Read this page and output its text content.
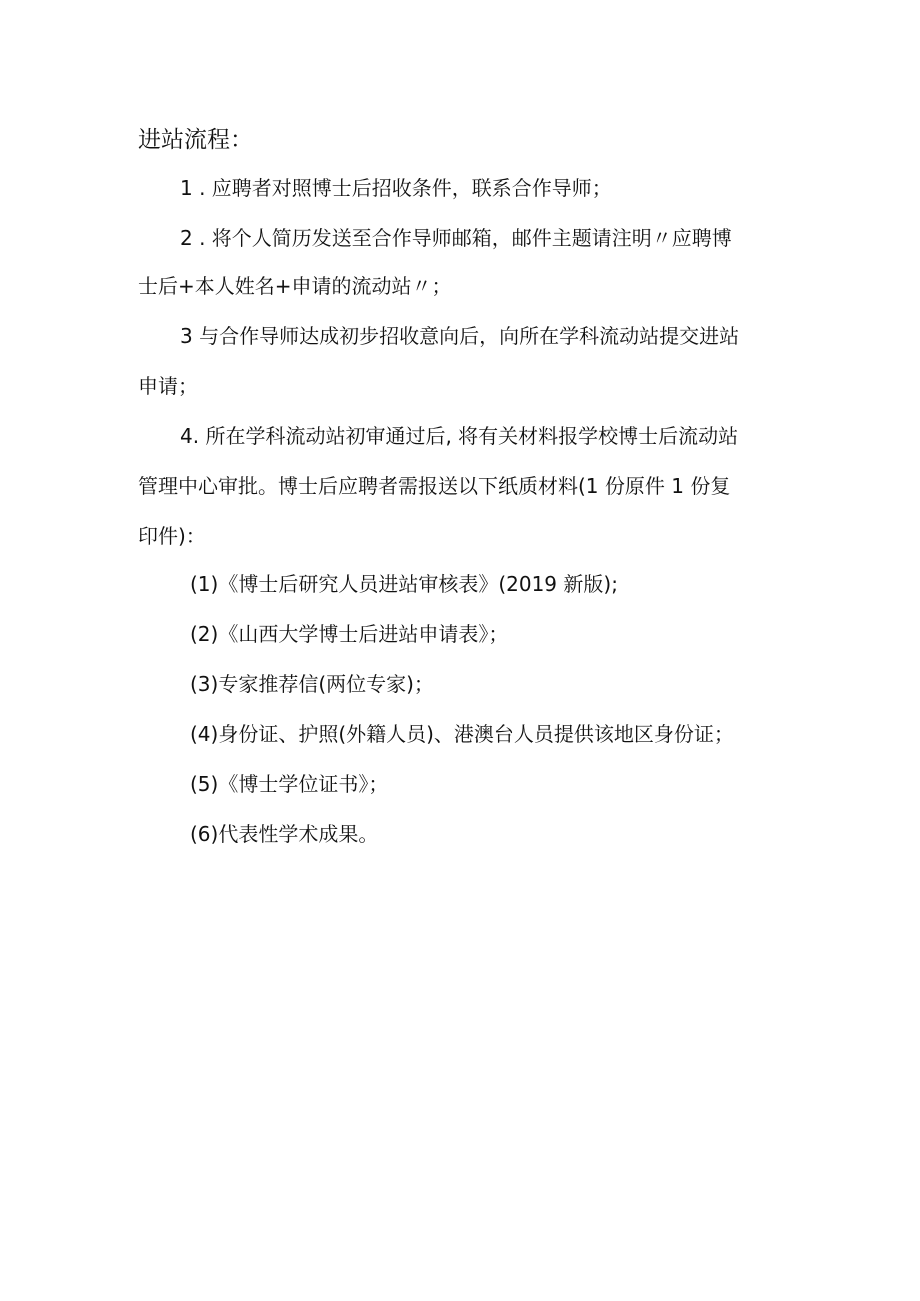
进站流程：
1 . 应聘者对照博士后招收条件，联系合作导师；
2 . 将个人简历发送至合作导师邮箱，邮件主题请注明〃应聘博
士后+本人姓名+申请的流动站〃；
3 与合作导师达成初步招收意向后，向所在学科流动站提交进站
申请；
4. 所在学科流动站初审通过后, 将有关材料报学校博士后流动站
管理中心审批。博士后应聘者需报送以下纸质材料(1 份原件 1 份复
印件)：
(1)《博士后研究人员进站审核表》(2019 新版);
(2)《山西大学博士后进站申请表》；
(3)专家推荐信(两位专家)；
(4)身份证、护照(外籍人员)、港澳台人员提供该地区身份证；
(5)《博士学位证书》；
(6)代表性学术成果。
